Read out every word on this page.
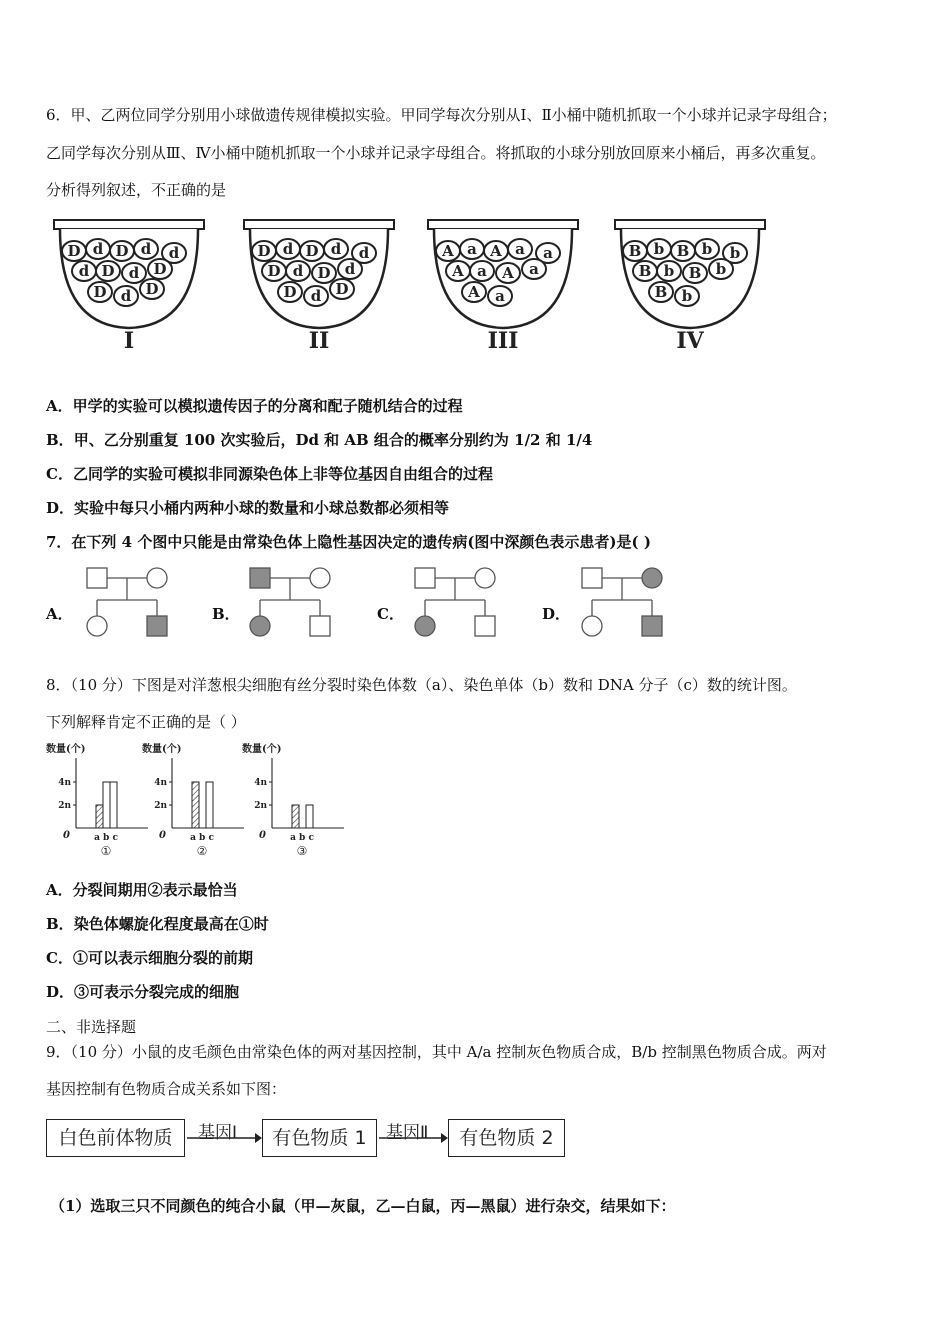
6．甲、乙两位同学分别用小球做遗传规律模拟实验。甲同学每次分别从Ⅰ、Ⅱ小桶中随机抓取一个小球并记录字母组合；
乙同学每次分别从Ⅲ、Ⅳ小桶中随机抓取一个小球并记录字母组合。将抓取的小球分别放回原来小桶后，再多次重复。
分析得列叙述，不正确的是
D d D d d
d D d D
D d D
I
D d D d d
D d D d
D d D
II
A a A a a
A a A a
A a
III
B b B b b
B b B b
B b
IV
A．甲学的实验可以模拟遗传因子的分离和配子随机结合的过程
B．甲、乙分别重复 100 次实验后，Dd 和 AB 组合的概率分别约为 1/2 和 1/4
C．乙同学的实验可模拟非同源染色体上非等位基因自由组合的过程
D．实验中每只小桶内两种小球的数量和小球总数都必须相等
7．在下列 4 个图中只能是由常染色体上隐性基因决定的遗传病(图中深颜色表示患者)是( )
A．	B．	C．	D．
8．（10 分）下图是对洋葱根尖细胞有丝分裂时染色体数（a）、染色单体（b）数和 DNA 分子（c）数的统计图。
下列解释肯定不正确的是（ ）
数量(个)
4n
2n
0	a b c
①
数量(个)
4n
2n
0	a b c
②
数量(个)
4n
2n
0	a b c
③
A．分裂间期用②表示最恰当
B．染色体螺旋化程度最高在①时
C．①可以表示细胞分裂的前期
D．③可表示分裂完成的细胞
二、非选择题
9．（10 分）小鼠的皮毛颜色由常染色体的两对基因控制，其中 A/a 控制灰色物质合成，B/b 控制黑色物质合成。两对
基因控制有色物质合成关系如下图：
白色前体物质	基因Ⅰ	有色物质 1	基因Ⅱ	有色物质 2
（1）选取三只不同颜色的纯合小鼠（甲—灰鼠，乙—白鼠，丙—黑鼠）进行杂交，结果如下：
